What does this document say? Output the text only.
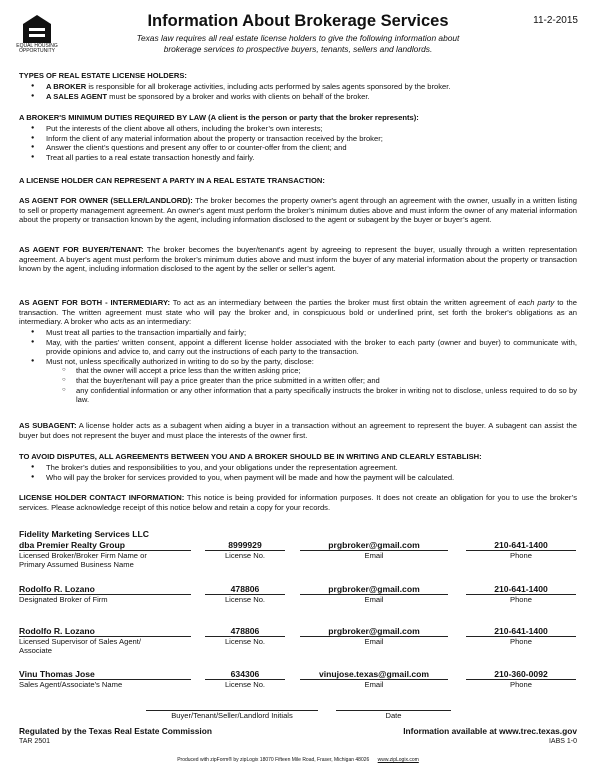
EQUAL HOUSING OPPORTUNITY
Information About Brokerage Services	11-2-2015
Texas law requires all real estate license holders to give the following information about
brokerage services to prospective buyers, tenants, sellers and landlords.
TYPES OF REAL ESTATE LICENSE HOLDERS:
● A BROKER is responsible for all brokerage activities, including acts performed by sales agents sponsored by the broker.
● A SALES AGENT must be sponsored by a broker and works with clients on behalf of the broker.
A BROKER'S MINIMUM DUTIES REQUIRED BY LAW (A client is the person or party that the broker represents):
● Put the interests of the client above all others, including the broker’s own interests;
● Inform the client of any material information about the property or transaction received by the broker;
● Answer the client’s questions and present any offer to or counter-offer from the client; and
● Treat all parties to a real estate transaction honestly and fairly.
A LICENSE HOLDER CAN REPRESENT A PARTY IN A REAL ESTATE TRANSACTION:

AS AGENT FOR OWNER (SELLER/LANDLORD): The broker becomes the property owner's agent through an agreement with the owner, usually in a written listing to sell or property management agreement. An owner's agent must perform the broker’s minimum duties above and must inform the owner of any material information about the property or transaction known by the agent, including information disclosed to the agent or subagent by the buyer or buyer’s agent.

AS AGENT FOR BUYER/TENANT: The broker becomes the buyer/tenant's agent by agreeing to represent the buyer, usually through a written representation agreement. A buyer's agent must perform the broker’s minimum duties above and must inform the buyer of any material information about the property or transaction known by the agent, including information disclosed to the agent by the seller or seller’s agent.

AS AGENT FOR BOTH - INTERMEDIARY: To act as an intermediary between the parties the broker must first obtain the written agreement of each party to the transaction. The written agreement must state who will pay the broker and, in conspicuous bold or underlined print, set forth the broker's obligations as an intermediary. A broker who acts as an intermediary:

● Must treat all parties to the transaction impartially and fairly;
● May, with the parties' written consent, appoint a different license holder associated with the broker to each party (owner and buyer) to communicate with, provide opinions and advice to, and carry out the instructions of each party to the transaction.
● Must not, unless specifically authorized in writing to do so by the party, disclose:
○ that the owner will accept a price less than the written asking price;
○ that the buyer/tenant will pay a price greater than the price submitted in a written offer; and
○ any confidential information or any other information that a party specifically instructs the broker in writing not to disclose, unless required to do so by law.

AS SUBAGENT: A license holder acts as a subagent when aiding a buyer in a transaction without an agreement to represent the buyer. A subagent can assist the buyer but does not represent the buyer and must place the interests of the owner first.

TO AVOID DISPUTES, ALL AGREEMENTS BETWEEN YOU AND A BROKER SHOULD BE IN WRITING AND CLEARLY ESTABLISH:
● The broker’s duties and responsibilities to you, and your obligations under the representation agreement.
● Who will pay the broker for services provided to you, when payment will be made and how the payment will be calculated.

LICENSE HOLDER CONTACT INFORMATION: This notice is being provided for information purposes. It does not create an obligation for you to use the broker’s services. Please acknowledge receipt of this notice below and retain a copy for your records.

Fidelity Marketing Services LLC
dba Premier Realty Group	8999929	prgbroker@gmail.com	210-641-1400
Licensed Broker/Broker Firm Name or
Primary Assumed Business Name
License No.	Email	Phone
Rodolfo R. Lozano	478806	prgbroker@gmail.com	210-641-1400
Designated Broker of Firm	License No.	Email	Phone
Rodolfo R. Lozano	478806	prgbroker@gmail.com	210-641-1400
Licensed Supervisor of Sales Agent/
Associate
License No.	Email	Phone
Vinu Thomas Jose	634306	vinujose.texas@gmail.com	210-360-0092
Sales Agent/Associate's Name	License No.	Email	Phone
Buyer/Tenant/Seller/Landlord Initials	Date
Regulated by the Texas Real Estate Commission	Information available at www.trec.texas.gov
TAR 2501	IABS 1-0
Produced with zipForm® by zipLogix 18070 Fifteen Mile Road, Fraser, Michigan 48026 www.zipLogix.com
